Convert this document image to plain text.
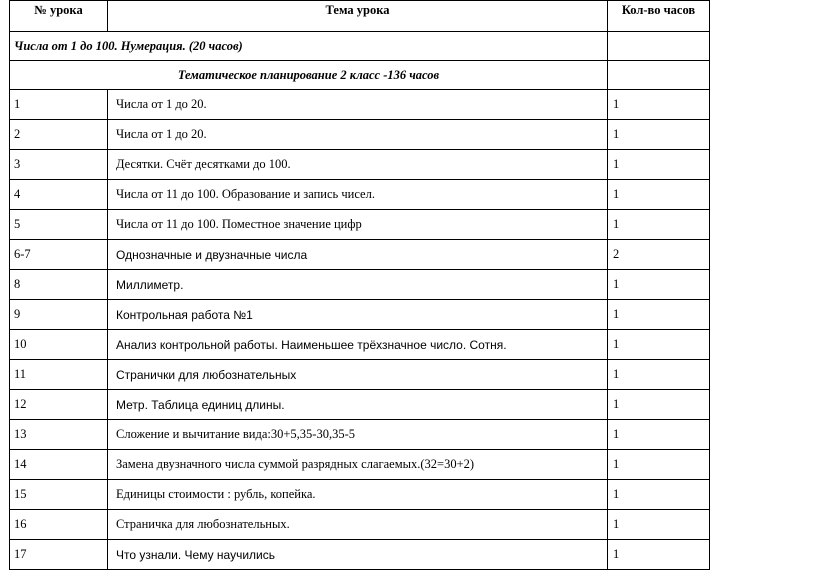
№ урока	Тема урока	Кол-во часов
Числа от 1 до 100. Нумерация. (20 часов)		
Тематическое планирование 2 класс -136 часов		
1	Числа от 1 до 20.	1
2	Числа от 1 до 20.	1
3	Десятки. Счёт десятками до 100.	1
4	Числа от 11 до 100. Образование и запись чисел.	1
5	Числа от 11 до 100. Поместное значение цифр	1
6-7	Однозначные и двузначные числа	2
8	Миллиметр.	1
9	Контрольная работа №1	1
10	Анализ контрольной работы. Наименьшее трёхзначное число. Сотня.	1
11	Странички для любознательных	1
12	Метр. Таблица единиц длины.	1
13	Сложение и вычитание вида:30+5,35-30,35-5	1
14	Замена двузначного числа суммой разрядных слагаемых.(32=30+2)	1
15	Единицы стоимости : рубль, копейка.	1
16	Страничка для любознательных.	1
17	Что узнали. Чему научились	1
